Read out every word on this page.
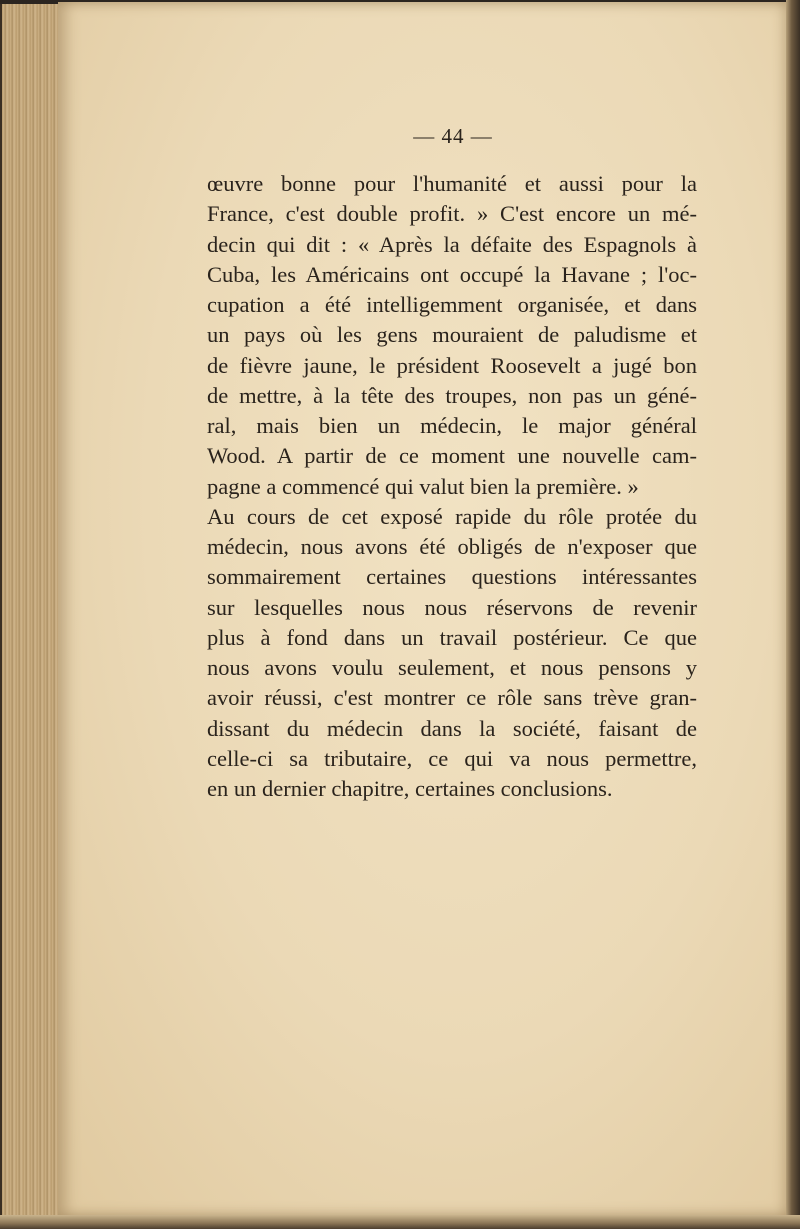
— 44 —
œuvre bonne pour l'humanité et aussi pour la
France, c'est double profit. » C'est encore un mé-
decin qui dit : « Après la défaite des Espagnols à
Cuba, les Américains ont occupé la Havane ; l'oc-
cupation a été intelligemment organisée, et dans
un pays où les gens mouraient de paludisme et
de fièvre jaune, le président Roosevelt a jugé bon
de mettre, à la tête des troupes, non pas un géné-
ral, mais bien un médecin, le major général
Wood. A partir de ce moment une nouvelle cam-
pagne a commencé qui valut bien la première. »
Au cours de cet exposé rapide du rôle protée du
médecin, nous avons été obligés de n'exposer que
sommairement certaines questions intéressantes
sur lesquelles nous nous réservons de revenir
plus à fond dans un travail postérieur. Ce que
nous avons voulu seulement, et nous pensons y
avoir réussi, c'est montrer ce rôle sans trève gran-
dissant du médecin dans la société, faisant de
celle-ci sa tributaire, ce qui va nous permettre,
en un dernier chapitre, certaines conclusions.
